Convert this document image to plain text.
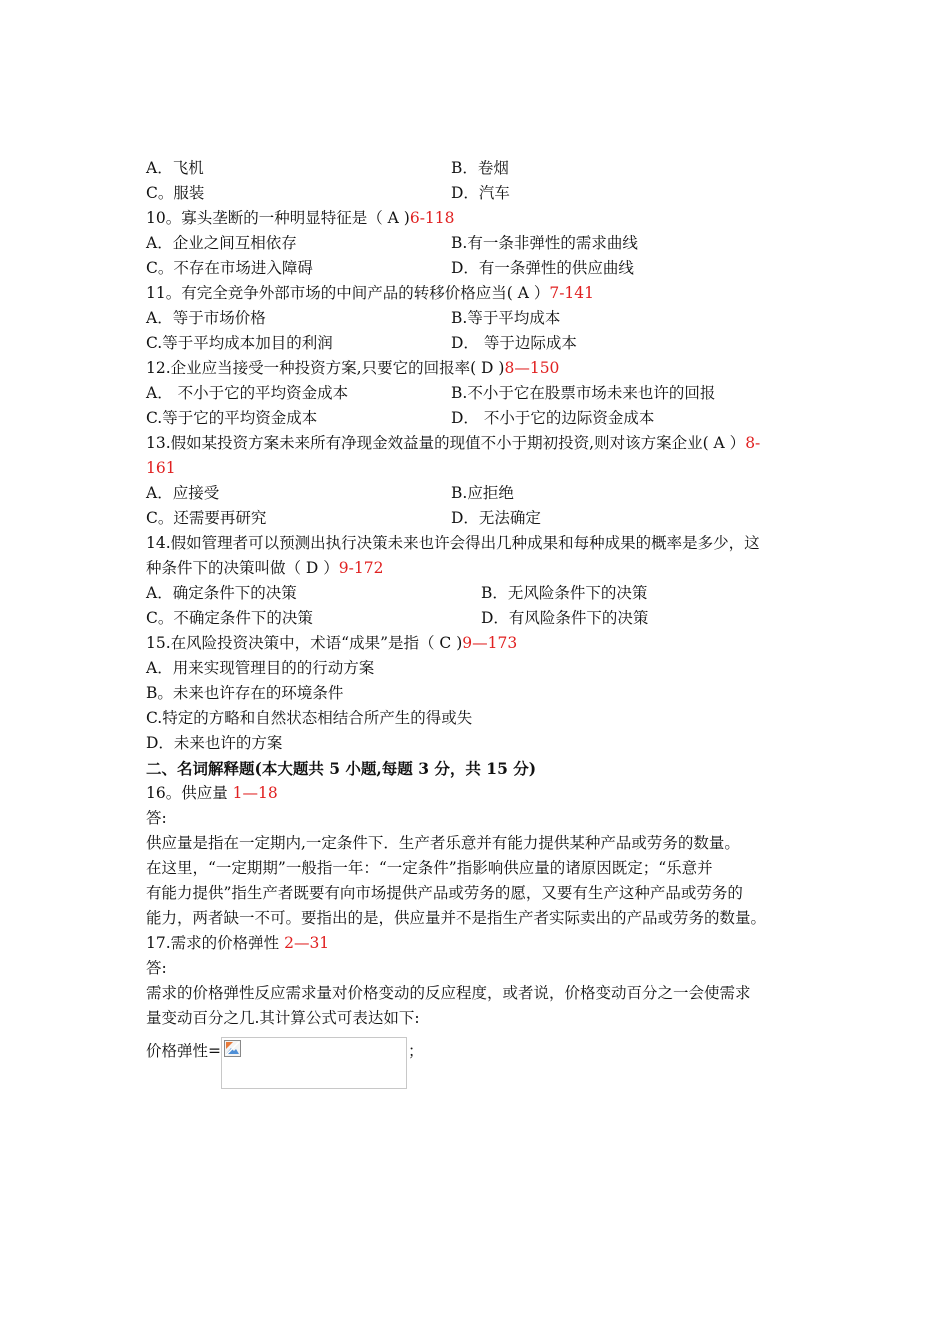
A．飞机	B．卷烟
C。服装	D．汽车
10。寡头垄断的一种明显特征是（ A )6-118
A．企业之间互相依存	B.有一条非弹性的需求曲线
C。不存在市场进入障碍	D．有一条弹性的供应曲线
11。有完全竞争外部市场的中间产品的转移价格应当( A ）7-141
A．等于市场价格	B.等于平均成本
C.等于平均成本加目的利润	D． 等于边际成本
12.企业应当接受一种投资方案,只要它的回报率( D )8—150
A． 不小于它的平均资金成本	B.不小于它在股票市场未来也许的回报
C.等于它的平均资金成本	D． 不小于它的边际资金成本
13.假如某投资方案未来所有净现金效益量的现值不小于期初投资,则对该方案企业( A ）8-
161
A．应接受	B.应拒绝
C。还需要再研究	D．无法确定
14.假如管理者可以预测出执行决策未来也许会得出几种成果和每种成果的概率是多少，这
种条件下的决策叫做（ D ）9-172
A．确定条件下的决策	B．无风险条件下的决策
C。不确定条件下的决策	D．有风险条件下的决策
15.在风险投资决策中，术语“成果”是指（ C )9—173
A．用来实现管理目的的行动方案
B。未来也许存在的环境条件
C.特定的方略和自然状态相结合所产生的得或失
D．未来也许的方案
二、名词解释题(本大题共 5 小题,每题 3 分，共 15 分)
16。供应量 1—18
答:
供应量是指在一定期内,一定条件下．生产者乐意并有能力提供某种产品或劳务的数量。
在这里，“一定期期”一般指一年：“一定条件”指影响供应量的诸原因既定；“乐意并
有能力提供”指生产者既要有向市场提供产品或劳务的愿，又要有生产这种产品或劳务的
能力，两者缺一不可。要指出的是，供应量并不是指生产者实际卖出的产品或劳务的数量。
17.需求的价格弹性 2—31
答:
需求的价格弹性反应需求量对价格变动的反应程度，或者说，价格变动百分之一会使需求
量变动百分之几.其计算公式可表达如下:
价格弹性=	；
